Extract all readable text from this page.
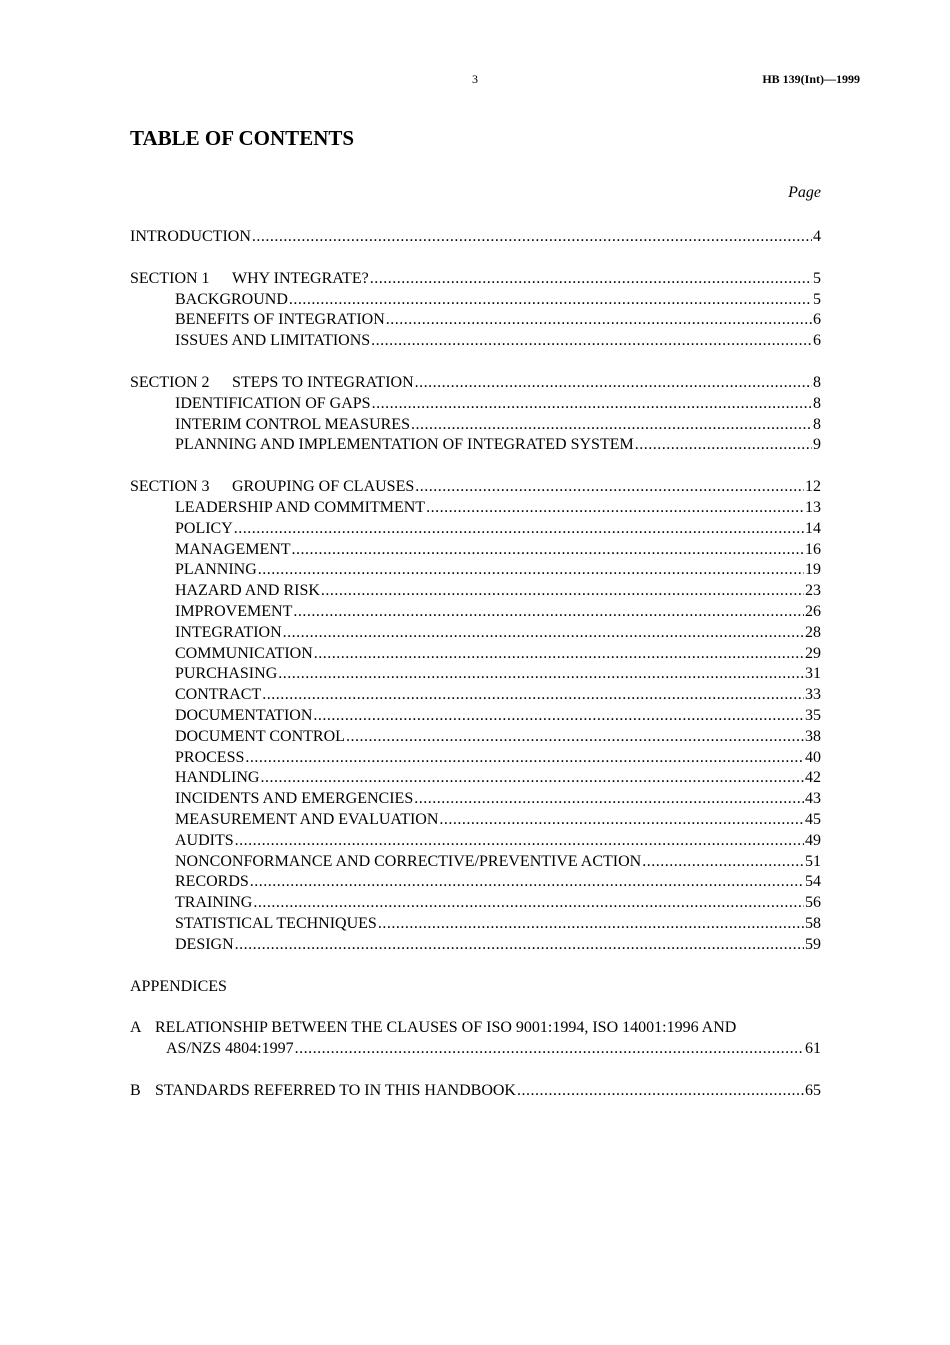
3	HB 139(Int)—1999
TABLE OF CONTENTS
Page
INTRODUCTION .....	4
SECTION 1 WHY INTEGRATE? .....	5
BACKGROUND .....	5
BENEFITS OF INTEGRATION .....	6
ISSUES AND LIMITATIONS .....	6
SECTION 2 STEPS TO INTEGRATION .....	8
IDENTIFICATION OF GAPS .....	8
INTERIM CONTROL MEASURES .....	8
PLANNING AND IMPLEMENTATION OF INTEGRATED SYSTEM .....	9
SECTION 3 GROUPING OF CLAUSES .....	12
LEADERSHIP AND COMMITMENT .....	13
POLICY .....	14
MANAGEMENT .....	16
PLANNING .....	19
HAZARD AND RISK .....	23
IMPROVEMENT .....	26
INTEGRATION .....	28
COMMUNICATION .....	29
PURCHASING .....	31
CONTRACT .....	33
DOCUMENTATION .....	35
DOCUMENT CONTROL .....	38
PROCESS .....	40
HANDLING .....	42
INCIDENTS AND EMERGENCIES .....	43
MEASUREMENT AND EVALUATION .....	45
AUDITS .....	49
NONCONFORMANCE AND CORRECTIVE/PREVENTIVE ACTION .....	51
RECORDS .....	54
TRAINING .....	56
STATISTICAL TECHNIQUES .....	58
DESIGN .....	59
APPENDICES
A RELATIONSHIP BETWEEN THE CLAUSES OF ISO 9001:1994, ISO 14001:1996 AND
AS/NZS 4804:1997 .....	61
B STANDARDS REFERRED TO IN THIS HANDBOOK .....	65
